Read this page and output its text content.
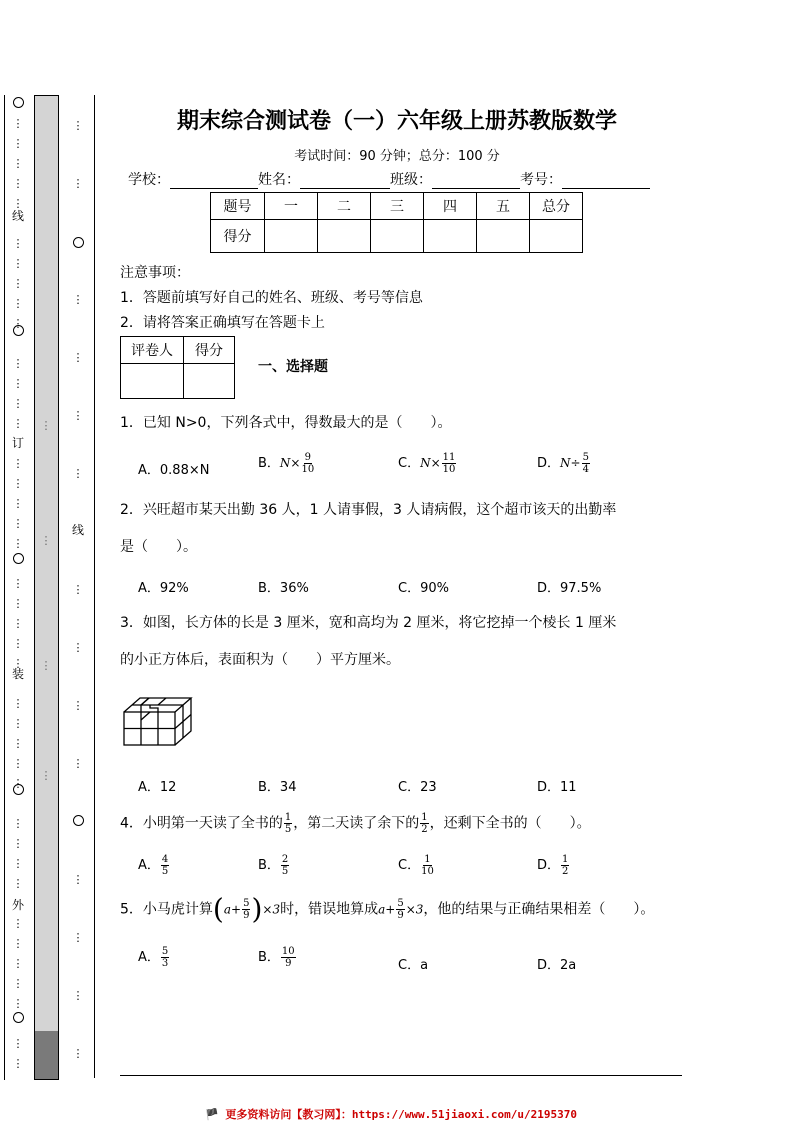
⋮
⋮
⋮
⋮
⋮
⋮
⋮
⋮
⋮
⋮
⋮
⋮
⋮
⋮
⋮
⋮
⋮
⋮
⋮
⋮
⋮
⋮
⋮
⋮
⋮
⋮
⋮
⋮
⋮
⋮
⋮
⋮
⋮
⋮
⋮
⋮
⋮
⋮
⋮
⋮
线
订
装
外
线
⋮
⋮
⋮
⋮
⋮
⋮
⋮
⋮
⋮
⋮
⋮
⋮
⋮
⋮
⋮
⋮
⋮
⋮
期末综合测试卷（一）六年级上册苏教版数学
考试时间：90 分钟；总分：100 分
学校：	姓名：	班级：	考号：
题号	一	二	三	四	五	总分
得分						
注意事项：
1．答题前填写好自己的姓名、班级、考号等信息
2．请将答案正确填写在答题卡上
评卷人	得分

一、选择题
1．已知 N>0，下列各式中，得数最大的是（　　）。
A．0.88×N	B．$N\times \frac{9}{10}$	C．$N\times \frac{11}{10}$	D．$N\div \frac{5}{4}$
2．兴旺超市某天出勤 36 人，1 人请事假，3 人请病假，这个超市该天的出勤率
是（　　）。
A．92%	B．36%	C．90%	D．97.5%
3．如图，长方体的长是 3 厘米，宽和高均为 2 厘米，将它挖掉一个棱长 1 厘米
的小正方体后，表面积为（　　）平方厘米。
A．12	B．34	C．23	D．11
4．小明第一天读了全书的 $\frac{1}{5}$ ，第二天读了余下的 $\frac{1}{2}$ ，还剩下全书的（　　）。
A． $\frac{4}{5}$	B． $\frac{2}{5}$	C． $\frac{1}{10}$	D． $\frac{1}{2}$
5．小马虎计算$(a+ \frac{5}{9} )\times 3$时，错误地算成$a+ \frac{5}{9} \times 3$，他的结果与正确结果相差（　　）。
A． $\frac{5}{3}$	B． $\frac{10}{9}$	C．a	D．2a
🏴 更多资料访问【教习网】：https://www.51jiaoxi.com/u/2195370
